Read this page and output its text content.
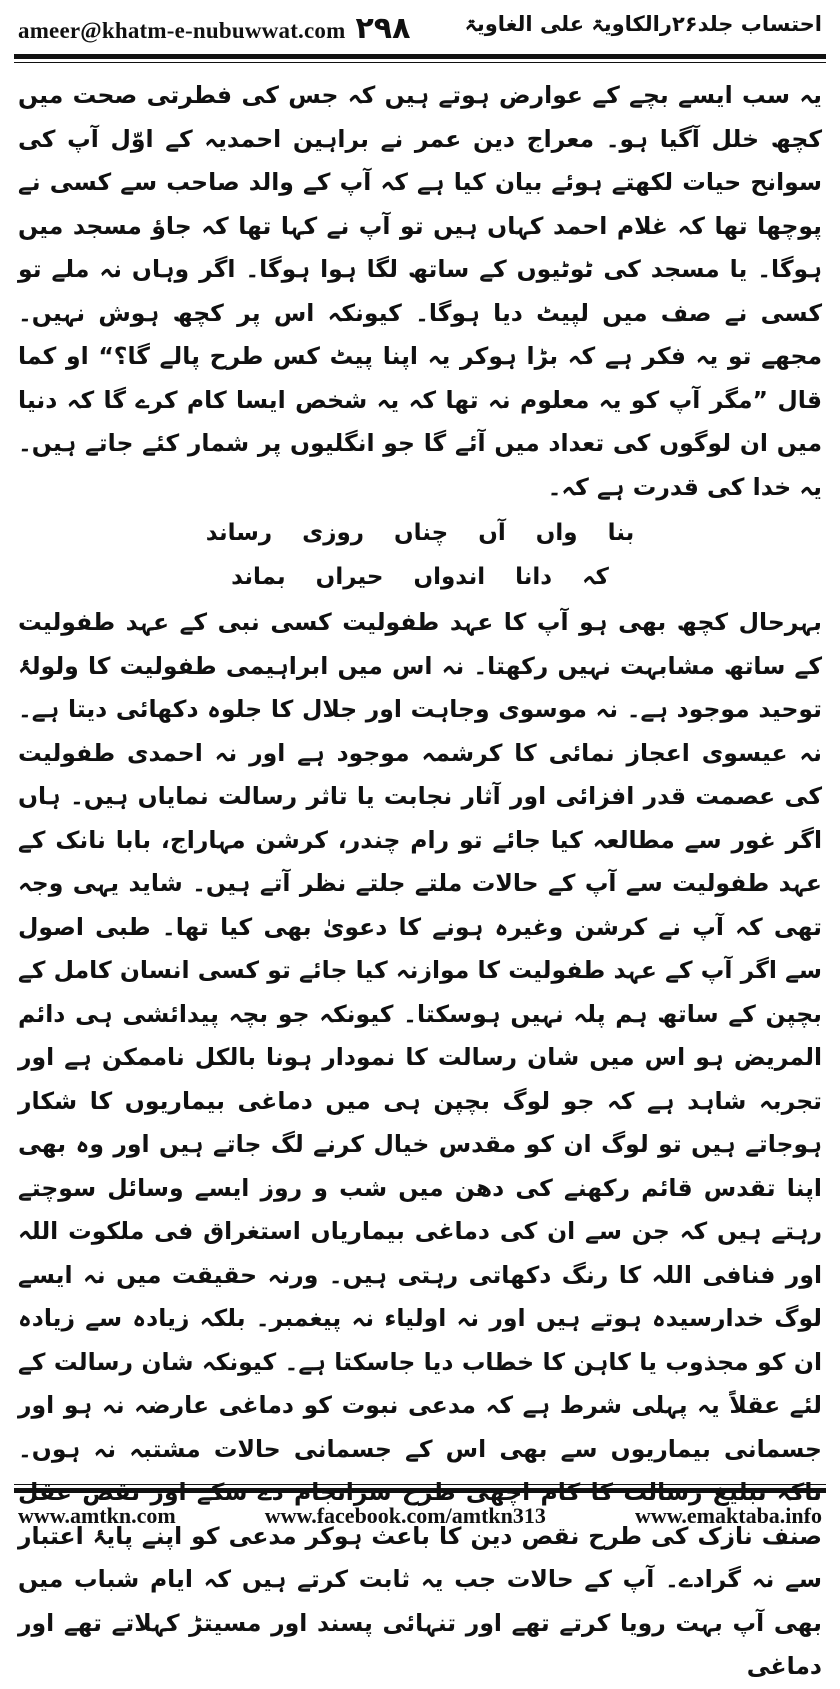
ameer@khatm-e-nubuwwat.com ۲۹۸	احتساب جلد۲۶رالکاویۃ علی الغاویۃ

یہ سب ایسے بچے کے عوارض ہوتے ہیں کہ جس کی فطرتی صحت میں کچھ خلل آگیا ہو۔ معراج دین عمر نے براہین احمدیہ کے اوّل آپ کی سوانح حیات لکھتے ہوئے بیان کیا ہے کہ آپ کے والد صاحب سے کسی نے پوچھا تھا کہ غلام احمد کہاں ہیں تو آپ نے کہا تھا کہ جاؤ مسجد میں ہوگا۔ یا مسجد کی ٹوٹیوں کے ساتھ لگا ہوا ہوگا۔ اگر وہاں نہ ملے تو کسی نے صف میں لپیٹ دیا ہوگا۔ کیونکہ اس پر کچھ ہوش نہیں۔ مجھے تو یہ فکر ہے کہ بڑا ہوکر یہ اپنا پیٹ کس طرح پالے گا؟“ او کما قال ”مگر آپ کو یہ معلوم نہ تھا کہ یہ شخص ایسا کام کرے گا کہ دنیا میں ان لوگوں کی تعداد میں آئے گا جو انگلیوں پر شمار کئے جاتے ہیں۔ یہ خدا کی قدرت ہے کہ۔

بنا واں آں چناں روزی رساند

کہ دانا اندواں حیراں بماند

بہرحال کچھ بھی ہو آپ کا عہد طفولیت کسی نبی کے عہد طفولیت کے ساتھ مشابہت نہیں رکھتا۔ نہ اس میں ابراہیمی طفولیت کا ولولۂ توحید موجود ہے۔ نہ موسوی وجاہت اور جلال کا جلوہ دکھائی دیتا ہے۔ نہ عیسوی اعجاز نمائی کا کرشمہ موجود ہے اور نہ احمدی طفولیت کی عصمت قدر افزائی اور آثار نجابت یا تاثر رسالت نمایاں ہیں۔ ہاں اگر غور سے مطالعہ کیا جائے تو رام چندر، کرشن مہاراج، بابا نانک کے عہد طفولیت سے آپ کے حالات ملتے جلتے نظر آتے ہیں۔ شاید یہی وجہ تھی کہ آپ نے کرشن وغیرہ ہونے کا دعویٰ بھی کیا تھا۔ طبی اصول سے اگر آپ کے عہد طفولیت کا موازنہ کیا جائے تو کسی انسان کامل کے بچپن کے ساتھ ہم پلہ نہیں ہوسکتا۔ کیونکہ جو بچہ پیدائشی ہی دائم المریض ہو اس میں شان رسالت کا نمودار ہونا بالکل ناممکن ہے اور تجربہ شاہد ہے کہ جو لوگ بچپن ہی میں دماغی بیماریوں کا شکار ہوجاتے ہیں تو لوگ ان کو مقدس خیال کرنے لگ جاتے ہیں اور وہ بھی اپنا تقدس قائم رکھنے کی دھن میں شب و روز ایسے وسائل سوچتے رہتے ہیں کہ جن سے ان کی دماغی بیماریاں استغراق فی ملکوت اللہ اور فنافی اللہ کا رنگ دکھاتی رہتی ہیں۔ ورنہ حقیقت میں نہ ایسے لوگ خدارسیدہ ہوتے ہیں اور نہ اولیاء نہ پیغمبر۔ بلکہ زیادہ سے زیادہ ان کو مجذوب یا کاہن کا خطاب دیا جاسکتا ہے۔ کیونکہ شان رسالت کے لئے عقلاً یہ پہلی شرط ہے کہ مدعی نبوت کو دماغی عارضہ نہ ہو اور جسمانی بیماریوں سے بھی اس کے جسمانی حالات مشتبہ نہ ہوں۔ صنف نازک کی طرح نقص دین کا باعث ہوکر مدعی کو اپنے پایۂ اعتبار سے نہ گرادے۔ آپ کے حالات جب یہ ثابت کرتے ہیں کہ ایام شباب میں بھی آپ بہت رویا کرتے تھے اور تنہائی پسند اور مسیتڑ کہلاتے تھے اور دماغی

www.amtkn.com	www.facebook.com/amtkn313	www.emaktaba.info
